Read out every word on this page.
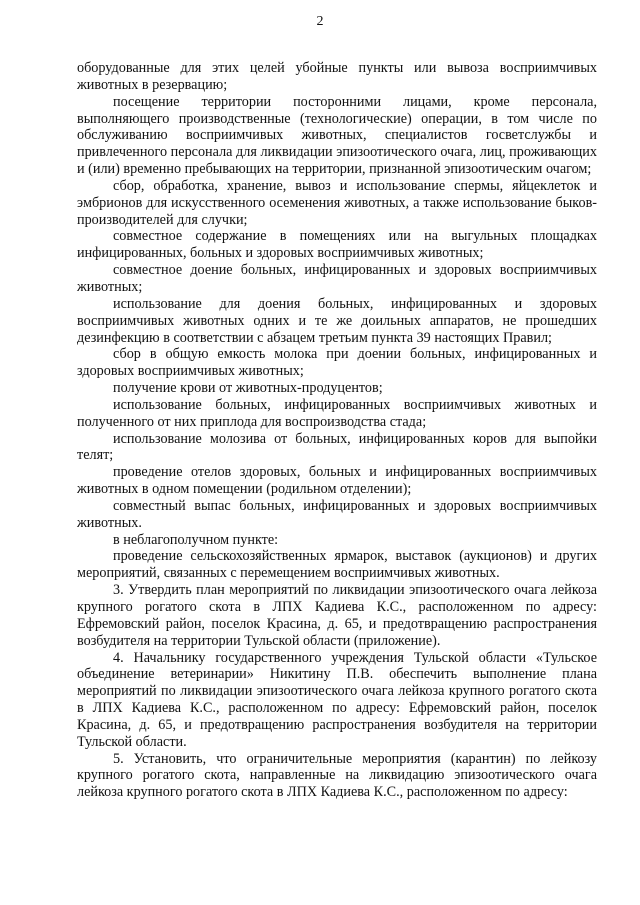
2

оборудованные для этих целей убойные пункты или вывоза восприимчивых животных в резервацию;

посещение территории посторонними лицами, кроме персонала, выполняющего производственные (технологические) операции, в том числе по обслуживанию восприимчивых животных, специалистов госветслужбы и привлеченного персонала для ликвидации эпизоотического очага, лиц, проживающих и (или) временно пребывающих на территории, признанной эпизоотическим очагом;

сбор, обработка, хранение, вывоз и использование спермы, яйцеклеток и эмбрионов для искусственного осеменения животных, а также использование быков-производителей для случки;

совместное содержание в помещениях или на выгульных площадках инфицированных, больных и здоровых восприимчивых животных;

совместное доение больных, инфицированных и здоровых восприимчивых животных;

использование для доения больных, инфицированных и здоровых восприимчивых животных одних и те же доильных аппаратов, не прошедших дезинфекцию в соответствии с абзацем третьим пункта 39 настоящих Правил;

сбор в общую емкость молока при доении больных, инфицированных и здоровых восприимчивых животных;

получение крови от животных-продуцентов;

использование больных, инфицированных восприимчивых животных и полученного от них приплода для воспроизводства стада;

использование молозива от больных, инфицированных коров для выпойки телят;

проведение отелов здоровых, больных и инфицированных восприимчивых животных в одном помещении (родильном отделении);

совместный выпас больных, инфицированных и здоровых восприимчивых животных.

в неблагополучном пункте:

проведение сельскохозяйственных ярмарок, выставок (аукционов) и других мероприятий, связанных с перемещением восприимчивых животных.

3. Утвердить план мероприятий по ликвидации эпизоотического очага лейкоза крупного рогатого скота в ЛПХ Кадиева К.С., расположенном по адресу: Ефремовский район, поселок Красина, д. 65, и предотвращению распространения возбудителя на территории Тульской области (приложение).

4. Начальнику государственного учреждения Тульской области «Тульское объединение ветеринарии» Никитину П.В. обеспечить выполнение плана мероприятий по ликвидации эпизоотического очага лейкоза крупного рогатого скота в ЛПХ Кадиева К.С., расположенном по адресу: Ефремовский район, поселок Красина, д. 65, и предотвращению распространения возбудителя на территории Тульской области.

5. Установить, что ограничительные мероприятия (карантин) по лейкозу крупного рогатого скота, направленные на ликвидацию эпизоотического очага лейкоза крупного рогатого скота в ЛПХ Кадиева К.С., расположенном по адресу:
